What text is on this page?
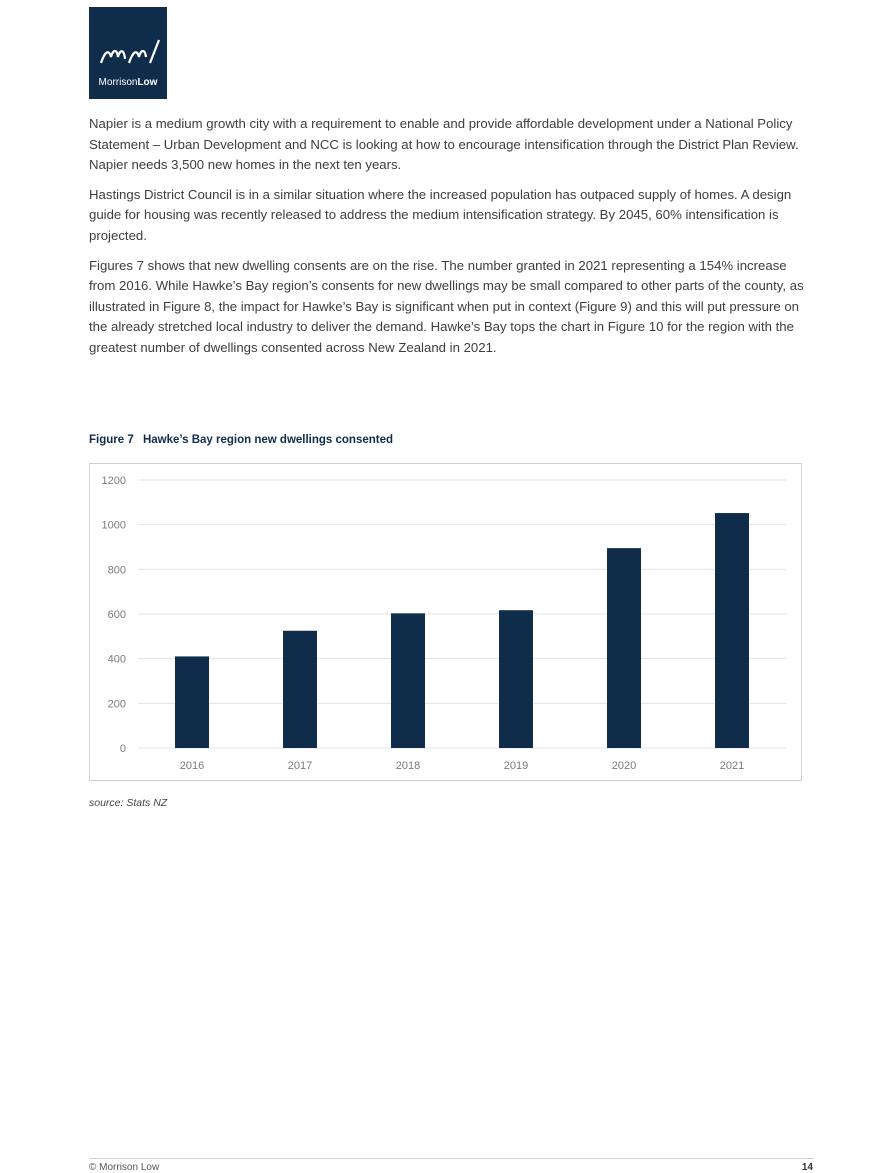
MorrisonLow

Napier is a medium growth city with a requirement to enable and provide affordable development under a National Policy Statement – Urban Development and NCC is looking at how to encourage intensification through the District Plan Review. Napier needs 3,500 new homes in the next ten years.

Hastings District Council is in a similar situation where the increased population has outpaced supply of homes. A design guide for housing was recently released to address the medium intensification strategy. By 2045, 60% intensification is projected.

Figures 7 shows that new dwelling consents are on the rise. The number granted in 2021 representing a 154% increase from 2016. While Hawke’s Bay region’s consents for new dwellings may be small compared to other parts of the county, as illustrated in Figure 8, the impact for Hawke’s Bay is significant when put in context (Figure 9) and this will put pressure on the already stretched local industry to deliver the demand. Hawke’s Bay tops the chart in Figure 10 for the region with the greatest number of dwellings consented across New Zealand in 2021.

Figure 7 Hawke’s Bay region new dwellings consented
0
200
400
600
800
1000
1200
2016	2017	2018	2019	2020	2021
source: Stats NZ
© Morrison Low	14
